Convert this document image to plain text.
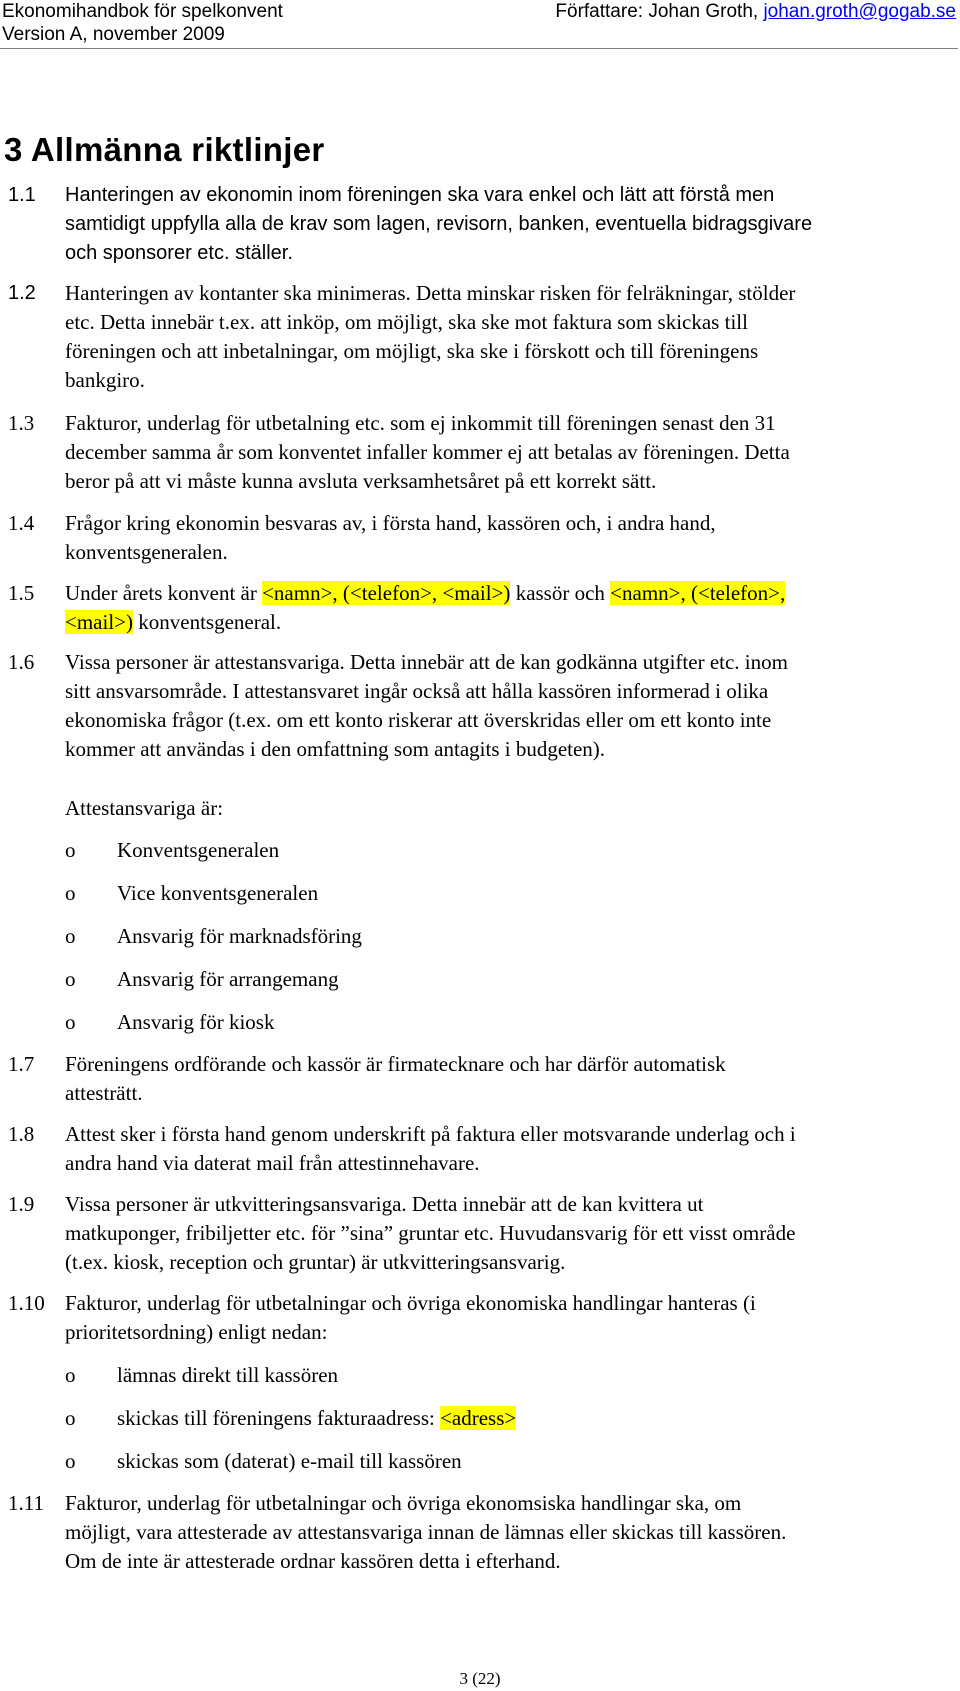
Ekonomihandbok för spelkonvent
Version A, november 2009
Författare: Johan Groth, johan.groth@gogab.se
3 Allmänna riktlinjer
1.1 Hanteringen av ekonomin inom föreningen ska vara enkel och lätt att förstå men
samtidigt uppfylla alla de krav som lagen, revisorn, banken, eventuella bidragsgivare
och sponsorer etc. ställer.
1.2 Hanteringen av kontanter ska minimeras. Detta minskar risken för felräkningar, stölder
etc. Detta innebär t.ex. att inköp, om möjligt, ska ske mot faktura som skickas till
föreningen och att inbetalningar, om möjligt, ska ske i förskott och till föreningens
bankgiro.
1.3 Fakturor, underlag för utbetalning etc. som ej inkommit till föreningen senast den 31
december samma år som konventet infaller kommer ej att betalas av föreningen. Detta
beror på att vi måste kunna avsluta verksamhetsåret på ett korrekt sätt.
1.4 Frågor kring ekonomin besvaras av, i första hand, kassören och, i andra hand,
konventsgeneralen.
1.5 Under årets konvent är <namn>, (<telefon>, <mail>) kassör och <namn>, (<telefon>,
<mail>) konventsgeneral.
1.6 Vissa personer är attestansvariga. Detta innebär att de kan godkänna utgifter etc. inom
sitt ansvarsområde. I attestansvaret ingår också att hålla kassören informerad i olika
ekonomiska frågor (t.ex. om ett konto riskerar att överskridas eller om ett konto inte
kommer att användas i den omfattning som antagits i budgeten).
Attestansvariga är:
o Konventsgeneralen
o Vice konventsgeneralen
o Ansvarig för marknadsföring
o Ansvarig för arrangemang
o Ansvarig för kiosk
1.7 Föreningens ordförande och kassör är firmatecknare och har därför automatisk
attesträtt.
1.8 Attest sker i första hand genom underskrift på faktura eller motsvarande underlag och i
andra hand via daterat mail från attestinnehavare.
1.9 Vissa personer är utkvitteringsansvariga. Detta innebär att de kan kvittera ut
matkuponger, fribiljetter etc. för ”sina” gruntar etc. Huvudansvarig för ett visst område
(t.ex. kiosk, reception och gruntar) är utkvitteringsansvarig.
1.10 Fakturor, underlag för utbetalningar och övriga ekonomiska handlingar hanteras (i
prioritetsordning) enligt nedan:
o lämnas direkt till kassören
o skickas till föreningens fakturaadress: <adress>
o skickas som (daterat) e-mail till kassören
1.11 Fakturor, underlag för utbetalningar och övriga ekonomsiska handlingar ska, om
möjligt, vara attesterade av attestansvariga innan de lämnas eller skickas till kassören.
Om de inte är attesterade ordnar kassören detta i efterhand.
3 (22)
